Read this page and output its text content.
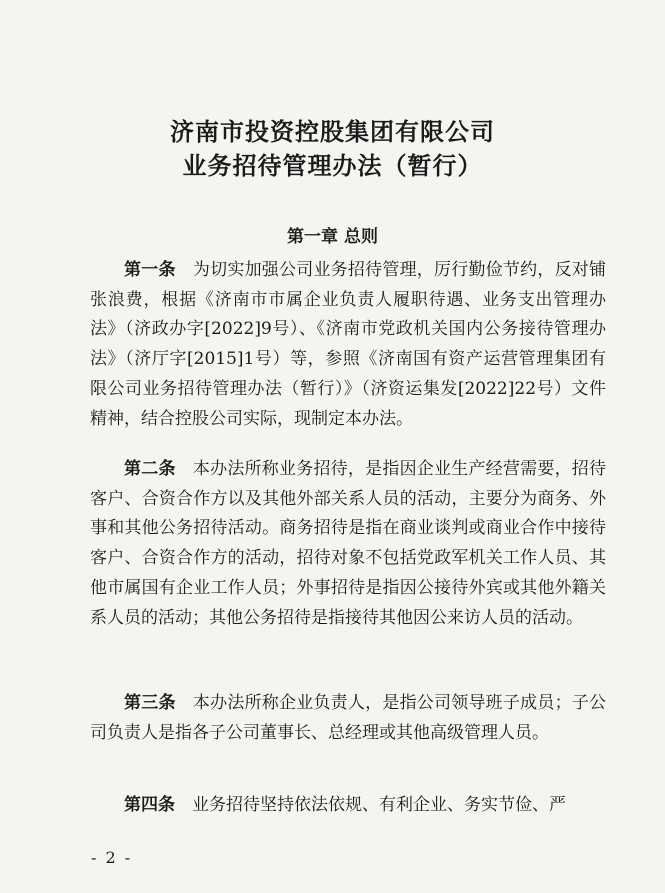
济南市投资控股集团有限公司
业务招待管理办法（暂行）
第一章 总则

第一条　 为切实加强公司业务招待管理，厉行勤俭节约，反对铺张浪费，根据《济南市市属企业负责人履职待遇、业务支出管理办法》（济政办字[2022]9号）、《济南市党政机关国内公务接待管理办法》（济厅字[2015]1号）等，参照《济南国有资产运营管理集团有限公司业务招待管理办法（暂行）》（济资运集发[2022]22号）文件精神，结合控股公司实际，现制定本办法。

第二条　 本办法所称业务招待，是指因企业生产经营需要，招待客户、合资合作方以及其他外部关系人员的活动，主要分为商务、外事和其他公务招待活动。商务招待是指在商业谈判或商业合作中接待客户、合资合作方的活动，招待对象不包括党政军机关工作人员、其他市属国有企业工作人员；外事招待是指因公接待外宾或其他外籍关系人员的活动；其他公务招待是指接待其他因公来访人员的活动。

第三条　 本办法所称企业负责人，是指公司领导班子成员；子公司负责人是指各子公司董事长、总经理或其他高级管理人员。

第四条　 业务招待坚持依法依规、有利企业、务实节俭、严

- 2 -
